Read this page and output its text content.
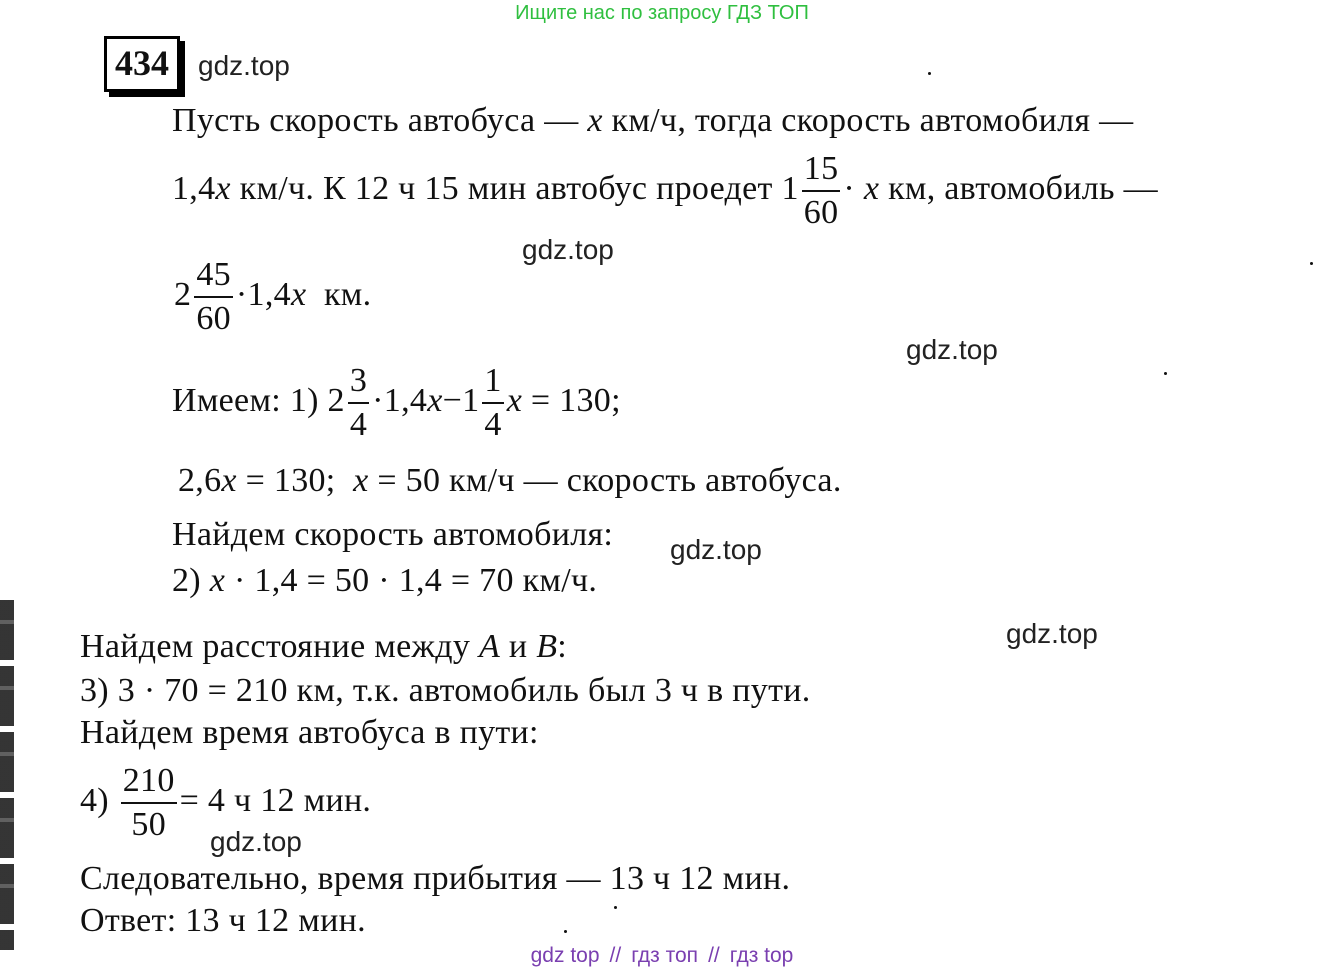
Ищите нас по запросу ГДЗ ТОП
434	gdz.top
gdz.top
gdz.top
gdz.top
gdz.top
gdz.top
Пусть скорость автобуса — x км/ч, тогда скорость автомобиля —
1,4x км/ч. К 12 ч 15 мин автобус проедет $1 \frac{15}{60} \cdot x$ км, автомобиль —
$2 \frac{45}{60} \cdot 1,4x$ км.
Имеем: 1) $2 \frac{3}{4} \cdot 1,4x-1 \frac{1}{4}$ x = 130;
2,6x = 130; x = 50 км/ч — скорость автобуса.
Найдем скорость автомобиля:
2) x · 1,4 = 50 · 1,4 = 70 км/ч.
Найдем расстояние между A и B:
3) 3 · 70 = 210 км, т.к. автомобиль был 3 ч в пути.
Найдем время автобуса в пути:
$4) \frac{210}{50} = 4$ ч 12 мин.
Следовательно, время прибытия — 13 ч 12 мин.
Ответ: 13 ч 12 мин.
gdz top // гдз топ // гдз top
